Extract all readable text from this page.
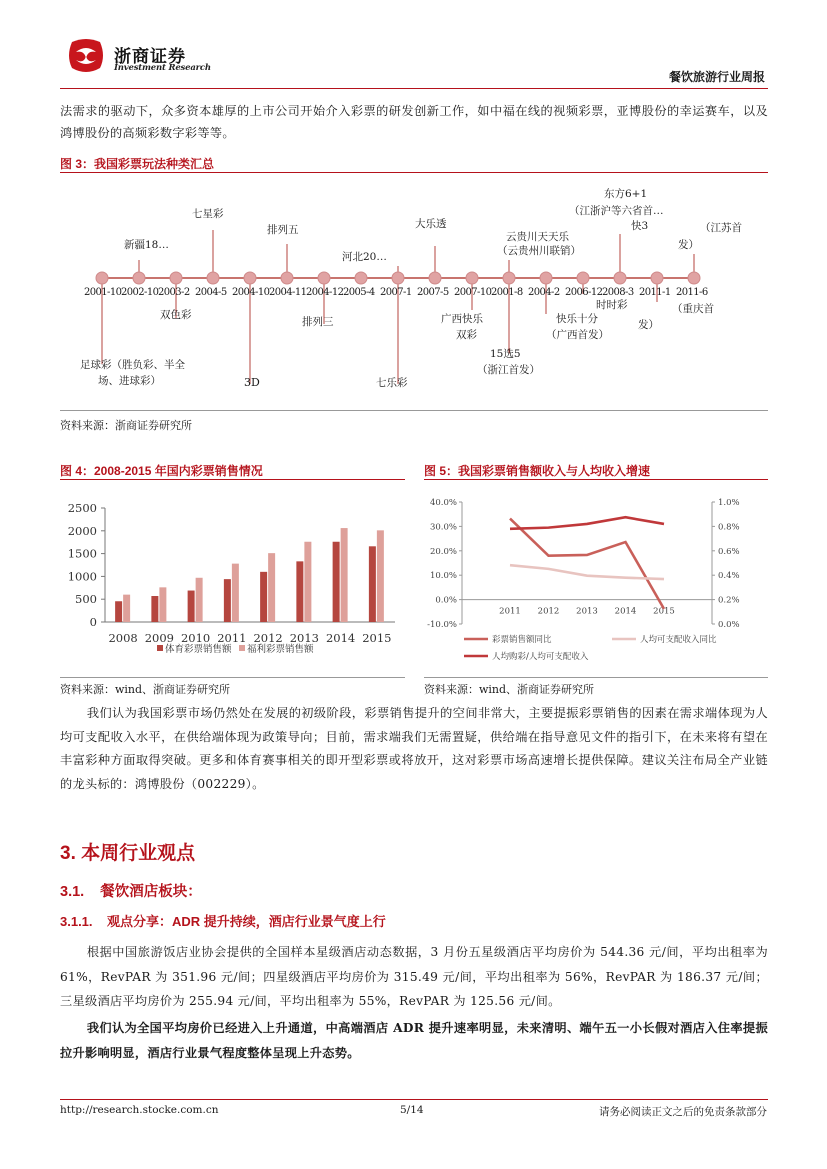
浙商证券
Investment Research
餐饮旅游行业周报
法需求的驱动下，众多资本雄厚的上市公司开始介入彩票的研发创新工作，如中福在线的视频彩票，亚博股份的幸运赛车，以及鸿博股份的高频彩数字彩等等。
图 3：我国彩票玩法种类汇总
2001-10 2002-10 2003-2 2004-5 2004-10 2004-11 2004-12 2005-4 2007-1 2007-5 2007-10 2001-8 2004-2 2006-12 2008-3 2011-1 2011-6
七星彩
新疆18…
排列五
河北20…
大乐透
云贵川天天乐
（云贵州川联销）
东方6+1
（江浙沪等六省首…
快3	（江苏首
发）
双色彩
排列三	广西快乐
双彩
快乐十分
（广西首发）
时时彩	（重庆首
发）
足球彩（胜负彩、半全
场、进球彩）	3D	七乐彩
15选5
（浙江首发）
资料来源：浙商证券研究所
图 4：2008-2015 年国内彩票销售情况
0
500
1000
1500
2000
2500
2008 2009 2010 2011 2012 2013 2014 2015
体育彩票销售额 福利彩票销售额
资料来源：wind、浙商证券研究所
图 5：我国彩票销售额收入与人均收入增速
40.0%
30.0%
20.0%
10.0%
0.0%
-10.0%
1.0%
0.8%
0.6%
0.4%
0.2%
0.0%
2011 2012 2013 2014 2015
彩票销售额同比	人均可支配收入同比
人均购彩/人均可支配收入
资料来源：wind、浙商证券研究所
我们认为我国彩票市场仍然处在发展的初级阶段，彩票销售提升的空间非常大，主要提振彩票销售的因素在需求端体现为人均可支配收入水平，在供给端体现为政策导向；目前，需求端我们无需置疑，供给端在指导意见文件的指引下，在未来将有望在丰富彩种方面取得突破。更多和体育赛事相关的即开型彩票或将放开，这对彩票市场高速增长提供保障。建议关注布局全产业链的龙头标的：鸿博股份（002229）。
3. 本周行业观点
3.1.    餐饮酒店板块：
3.1.1.    观点分享：ADR 提升持续，酒店行业景气度上行
根据中国旅游饭店业协会提供的全国样本星级酒店动态数据，3 月份五星级酒店平均房价为 544.36 元/间，平均出租率为 61%，RevPAR 为 351.96 元/间；四星级酒店平均房价为 315.49 元/间，平均出租率为 56%，RevPAR 为 186.37 元/间；三星级酒店平均房价为 255.94 元/间，平均出租率为 55%，RevPAR 为 125.56 元/间。
我们认为全国平均房价已经进入上升通道，中高端酒店 ADR 提升速率明显，未来清明、端午五一小长假对酒店入住率提振拉升影响明显，酒店行业景气程度整体呈现上升态势。
http://research.stocke.com.cn	5/14	请务必阅读正文之后的免责条款部分
